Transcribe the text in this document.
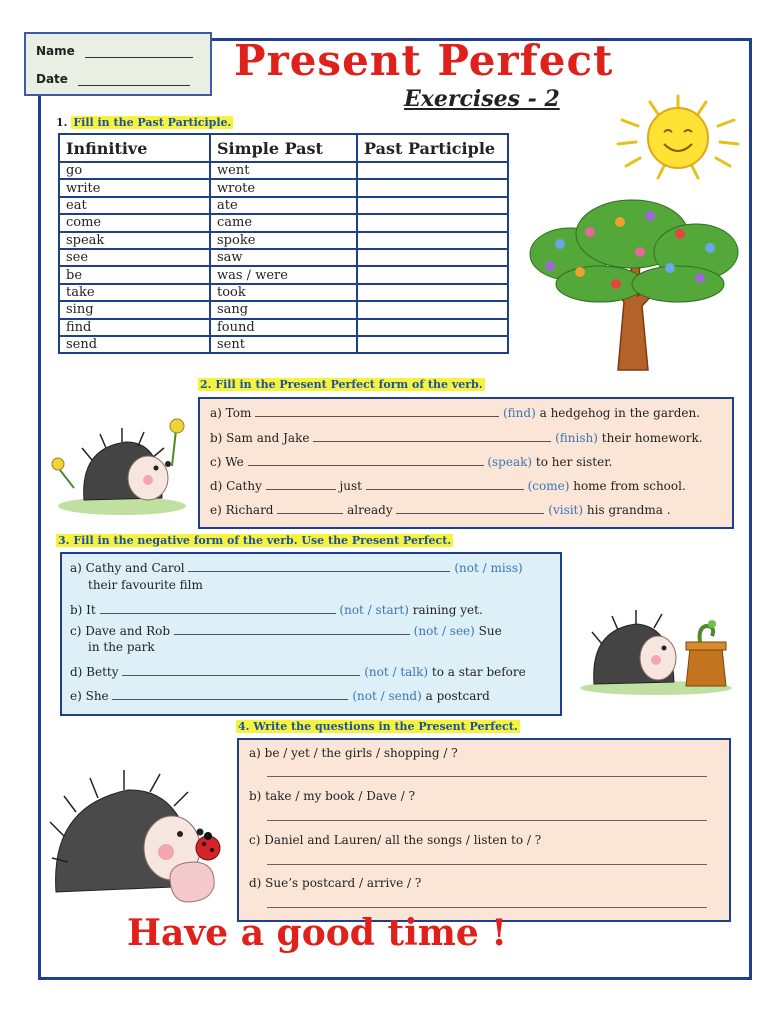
Name
Date	Present Perfect
Exercises - 2
1. Fill in the Past Participle.
Infinitive	Simple Past	Past Participle
go	went	
write	wrote	
eat	ate	
come	came	
speak	spoke	
see	saw	
be	was / were	
take	took	
sing	sang	
find	found	
send	sent	
2. Fill in the Present Perfect form of the verb.
a) Tom	(find) a hedgehog in the garden.
b) Sam and Jake	(finish) their homework.
c) We	(speak) to her sister.
d) Cathy	just	(come) home from school.
e) Richard	already	(visit) his grandma .
3. Fill in the negative form of the verb. Use the Present Perfect.
a) Cathy and Carol	(not / miss)
their favourite film
b) It	(not / start) raining yet.
c) Dave and Rob	(not / see) Sue
in the park
d) Betty	(not / talk) to a star before
e) She	(not / send) a postcard
4. Write the questions in the Present Perfect.
a) be / yet / the girls / shopping / ?
b) take / my book / Dave / ?
c) Daniel and Lauren/ all the songs / listen to / ?
d) Sue’s postcard / arrive / ?
Have a good time !
